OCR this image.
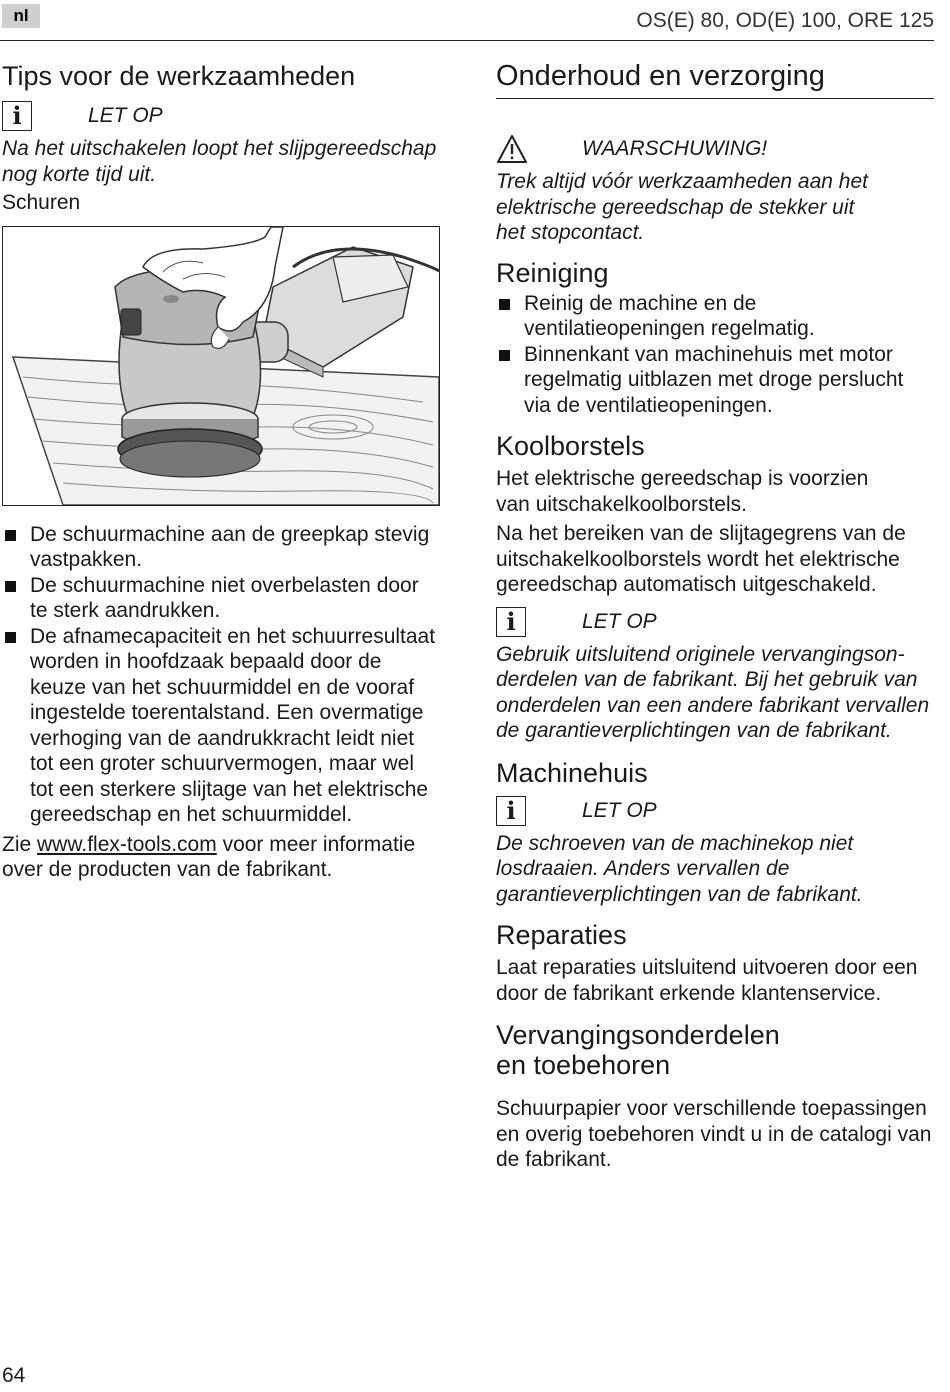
nl	OS(E) 80, OD(E) 100, ORE 125
Tips voor de werkzaamheden
i	LET OP

Na het uitschakelen loopt het slijpgereedschap nog korte tijd uit.

Schuren

De schuurmachine aan de greepkap stevig vastpakken.
De schuurmachine niet overbelasten door te sterk aandrukken.
De afnamecapaciteit en het schuurresultaat worden in hoofdzaak bepaald door de keuze van het schuurmiddel en de vooraf ingestelde toerentalstand. Een overmatige verhoging van de aandrukkracht leidt niet tot een groter schuurvermogen, maar wel tot een sterkere slijtage van het elektrische gereedschap en het schuurmiddel.

Zie www.flex-tools.com voor meer informatie over de producten van de fabrikant.

Onderhoud en verzorging
WAARSCHUWING!

Trek altijd vóór werkzaamheden aan het elektrische gereedschap de stekker uit het stopcontact.

Reiniging
Reinig de machine en de ventilatieopeningen regelmatig.
Binnenkant van machinehuis met motor regelmatig uitblazen met droge perslucht via de ventilatieopeningen.
Koolborstels

Het elektrische gereedschap is voorzien van uitschakelkoolborstels.

Na het bereiken van de slijtagegrens van de uitschakelkoolborstels wordt het elektrische gereedschap automatisch uitgeschakeld.

i	LET OP

Gebruik uitsluitend originele vervangingson-derdelen van de fabrikant. Bij het gebruik van onderdelen van een andere fabrikant vervallen de garantieverplichtingen van de fabrikant.

Machinehuis
i	LET OP

De schroeven van de machinekop niet losdraaien. Anders vervallen de garantieverplichtingen van de fabrikant.

Reparaties

Laat reparaties uitsluitend uitvoeren door een door de fabrikant erkende klantenservice.

Vervangingsonderdelen
en toebehoren

Schuurpapier voor verschillende toepassingen en overig toebehoren vindt u in de catalogi van de fabrikant.

64
